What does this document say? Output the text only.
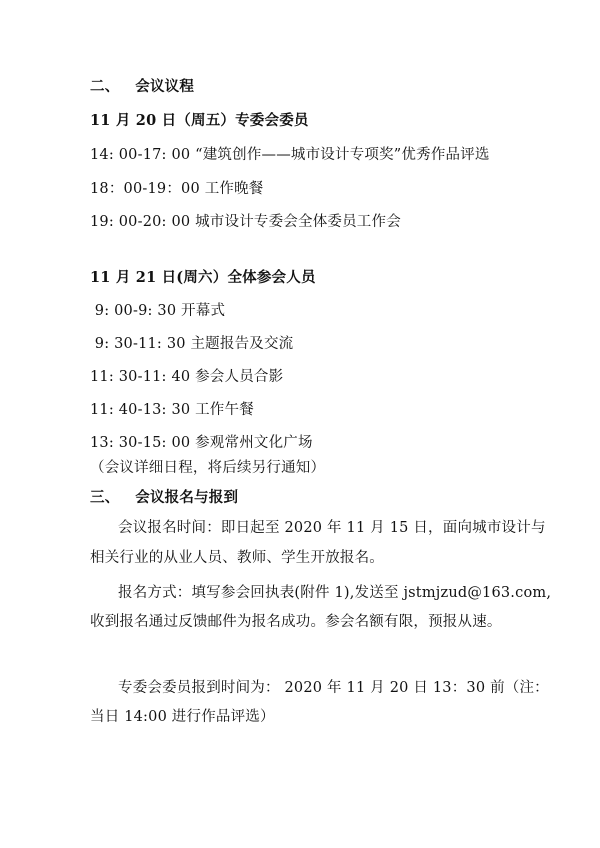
二、 会议议程
11 月 20 日（周五）专委会委员
14: 00-17: 00 “建筑创作——城市设计专项奖”优秀作品评选
18：00-19：00 工作晚餐
19: 00-20: 00 城市设计专委会全体委员工作会
11 月 21 日(周六）全体参会人员
9: 00-9: 30 开幕式
9: 30-11: 30 主题报告及交流
11: 30-11: 40 参会人员合影
11: 40-13: 30 工作午餐
13: 30-15: 00 参观常州文化广场
（会议详细日程，将后续另行通知）
三、 会议报名与报到
会议报名时间：即日起至 2020 年 11 月 15 日，面向城市设计与
相关行业的从业人员、教师、学生开放报名。
报名方式：填写参会回执表(附件 1),发送至 jstmjzud@163.com,
收到报名通过反馈邮件为报名成功。参会名额有限，预报从速。
专委会委员报到时间为： 2020 年 11 月 20 日 13：30 前（注：
当日 14:00 进行作品评选）
